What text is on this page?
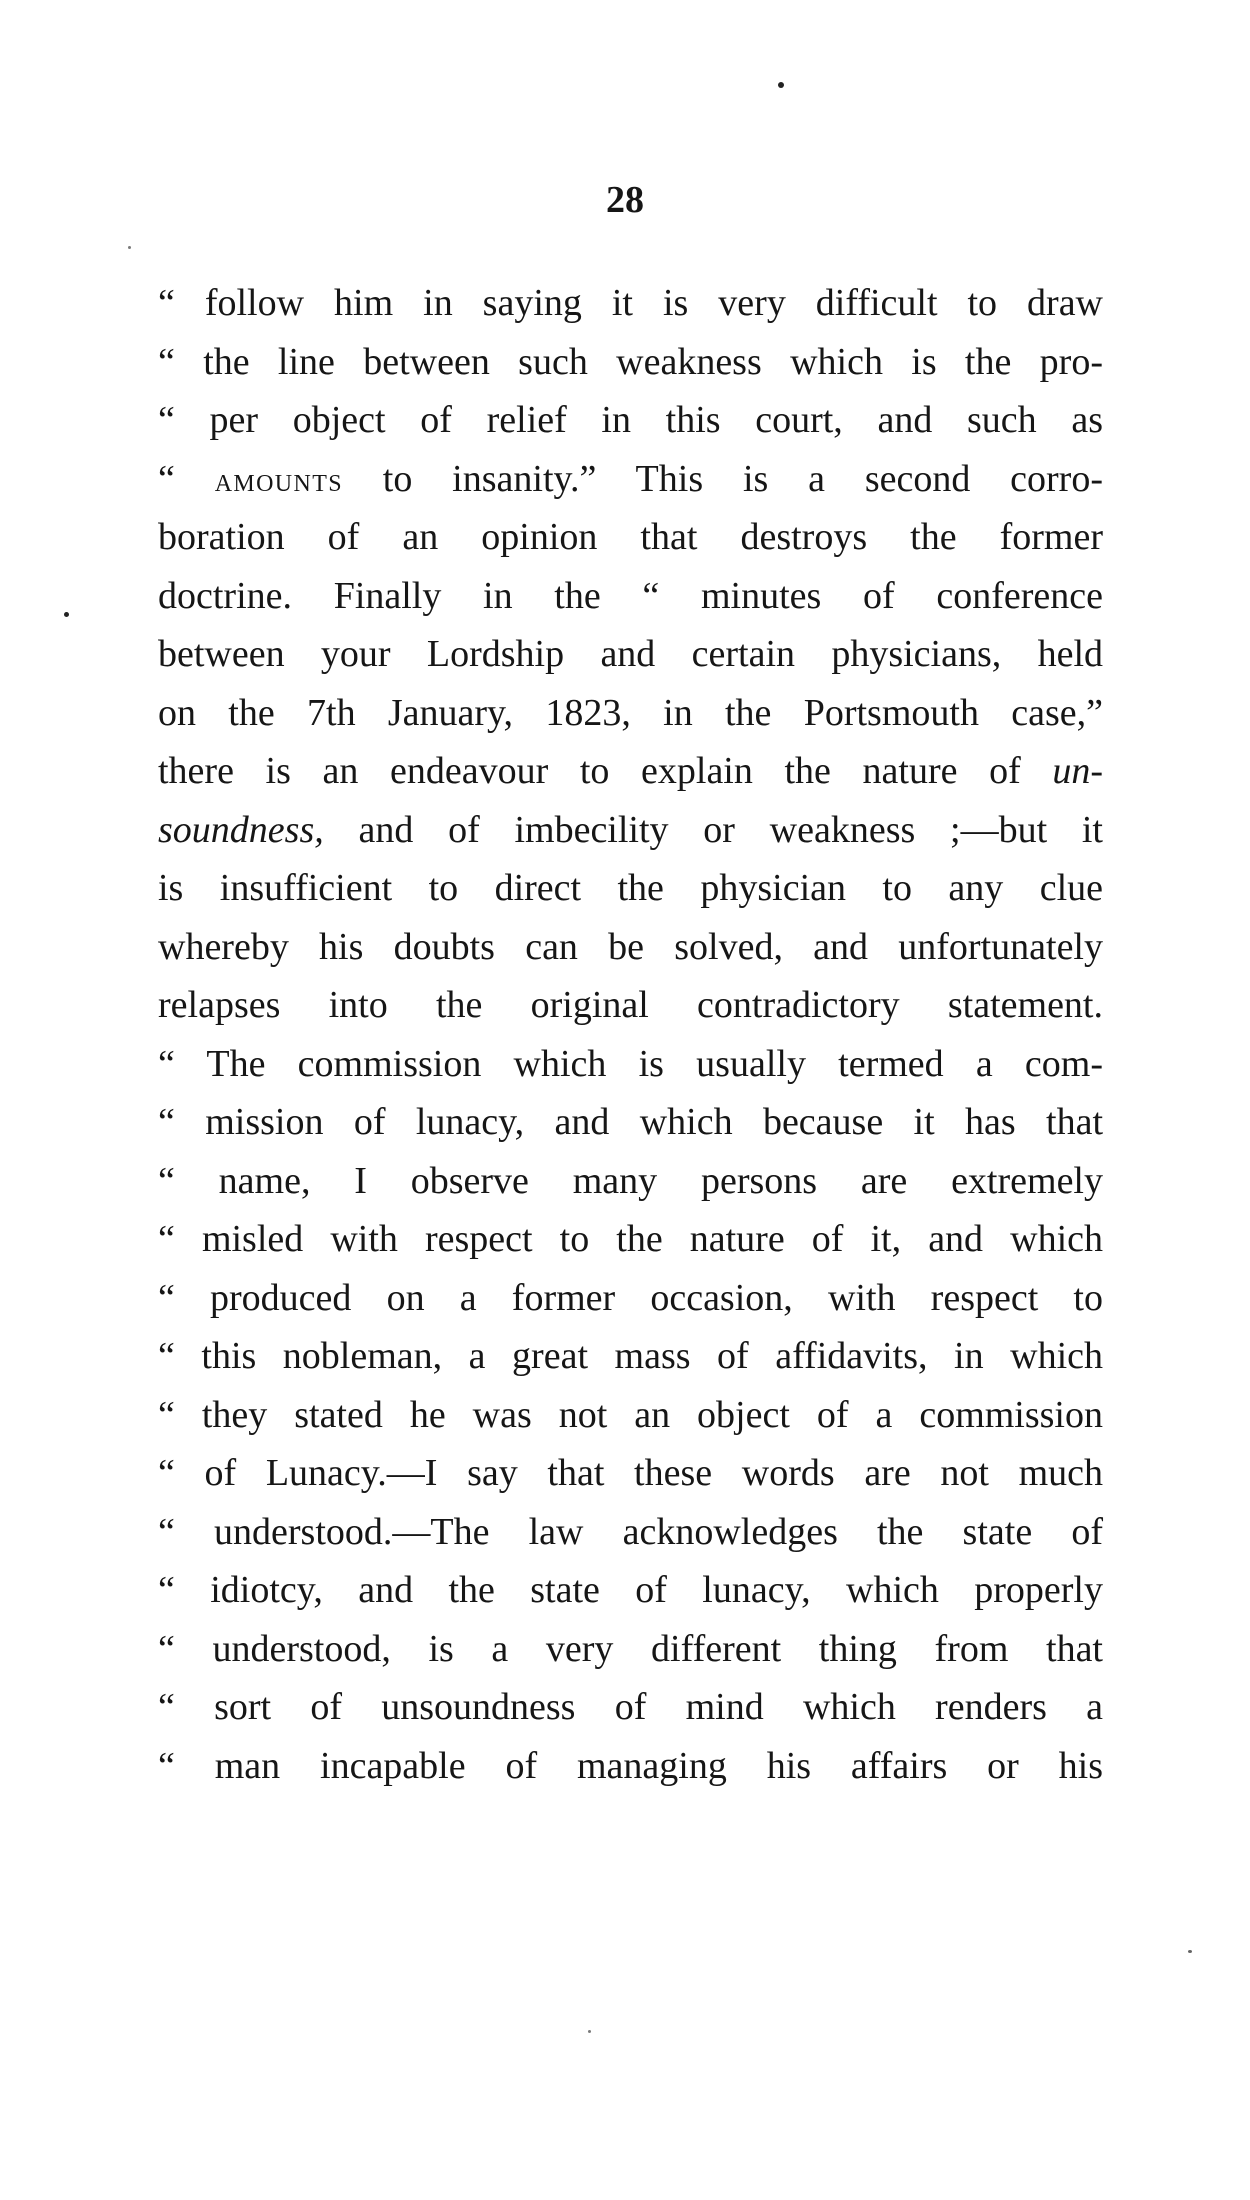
28
“ follow him in saying it is very difficult to draw
“ the line between such weakness which is the pro-
“ per object of relief in this court, and such as
“ amounts to insanity.” This is a second corro-
boration of an opinion that destroys the former
doctrine. Finally in the “ minutes of conference
between your Lordship and certain physicians, held
on the 7th January, 1823, in the Portsmouth case,”
there is an endeavour to explain the nature of un-
soundness, and of imbecility or weakness ;—but it
is insufficient to direct the physician to any clue
whereby his doubts can be solved, and unfortunately
relapses into the original contradictory statement.
“ The commission which is usually termed a com-
“ mission of lunacy, and which because it has that
“ name, I observe many persons are extremely
“ misled with respect to the nature of it, and which
“ produced on a former occasion, with respect to
“ this nobleman, a great mass of affidavits, in which
“ they stated he was not an object of a commission
“ of Lunacy.—I say that these words are not much
“ understood.—The law acknowledges the state of
“ idiotcy, and the state of lunacy, which properly
“ understood, is a very different thing from that
“ sort of unsoundness of mind which renders a
“ man incapable of managing his affairs or his
